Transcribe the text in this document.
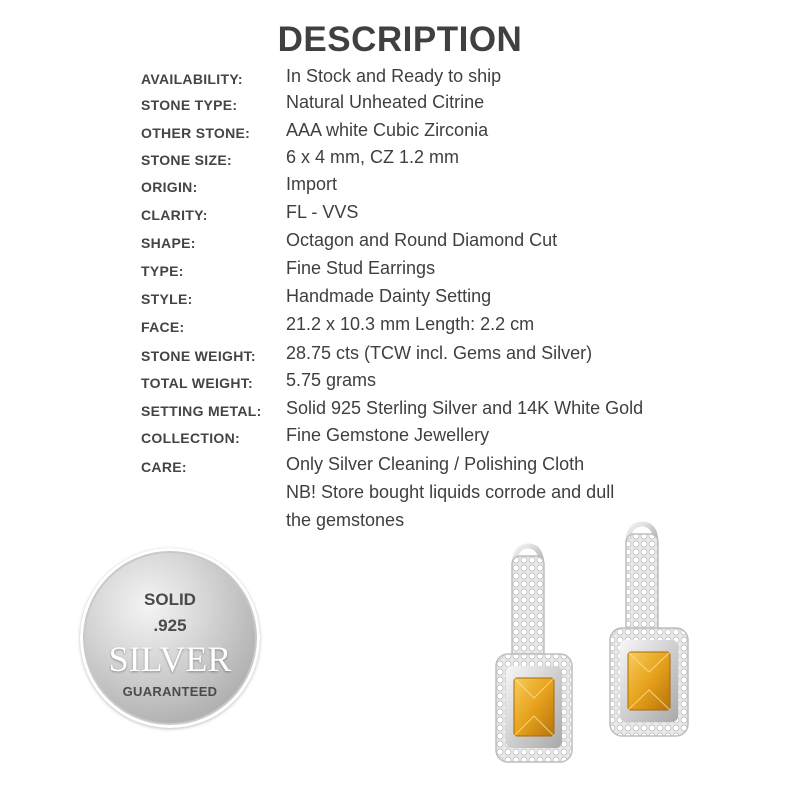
DESCRIPTION
AVAILABILITY: In Stock and Ready to ship
STONE TYPE:	Natural Unheated Citrine
OTHER STONE: AAA white Cubic Zirconia
STONE SIZE:	6 x 4 mm, CZ 1.2 mm
ORIGIN:	Import
CLARITY:	FL - VVS
SHAPE:	Octagon and Round Diamond Cut
TYPE:	Fine Stud Earrings
STYLE:	Handmade Dainty Setting
FACE:	21.2 x 10.3 mm Length: 2.2 cm
STONE WEIGHT: 28.75 cts (TCW incl. Gems and Silver)
TOTAL WEIGHT: 5.75 grams
SETTING METAL: Solid 925 Sterling Silver and 14K White Gold
COLLECTION:	Fine Gemstone Jewellery
CARE:	Only Silver Cleaning / Polishing Cloth
NB! Store bought liquids corrode and dull
the gemstones
SOLID
.925
SILVER
GUARANTEED
